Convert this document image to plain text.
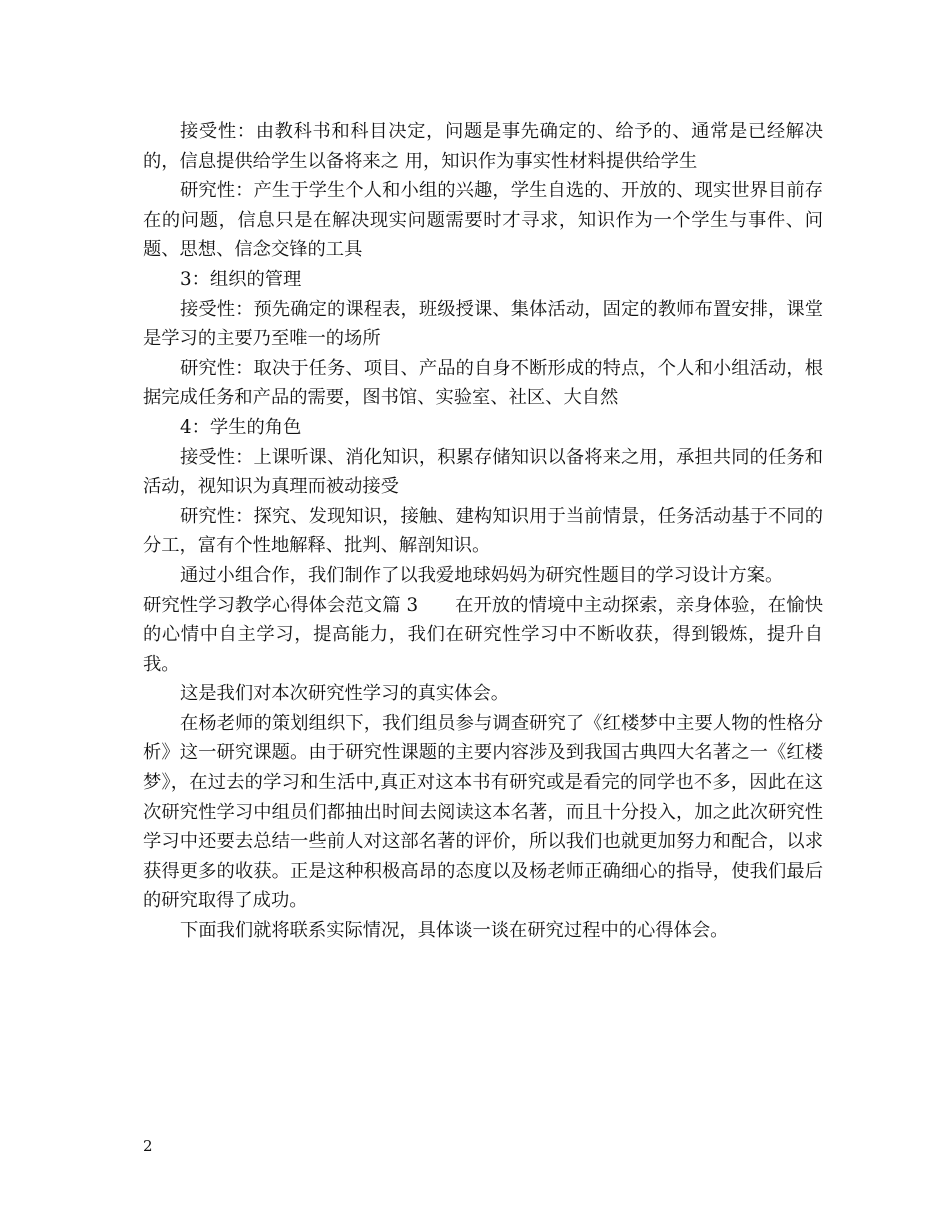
接受性：由教科书和科目决定，问题是事先确定的、给予的、通常是已经解决的，信息提供给学生以备将来之 用，知识作为事实性材料提供给学生

研究性：产生于学生个人和小组的兴趣，学生自选的、开放的、现实世界目前存在的问题，信息只是在解决现实问题需要时才寻求，知识作为一个学生与事件、问题、思想、信念交锋的工具

3：组织的管理

接受性：预先确定的课程表，班级授课、集体活动，固定的教师布置安排，课堂是学习的主要乃至唯一的场所

研究性：取决于任务、项目、产品的自身不断形成的特点，个人和小组活动，根据完成任务和产品的需要，图书馆、实验室、社区、大自然

4：学生的角色

接受性：上课听课、消化知识，积累存储知识以备将来之用，承担共同的任务和活动，视知识为真理而被动接受

研究性：探究、发现知识，接触、建构知识用于当前情景，任务活动基于不同的分工，富有个性地解释、批判、解剖知识。

通过小组合作，我们制作了以我爱地球妈妈为研究性题目的学习设计方案。

研究性学习教学心得体会范文篇 3　　在开放的情境中主动探索，亲身体验，在愉快的心情中自主学习，提高能力，我们在研究性学习中不断收获，得到锻炼，提升自我。

这是我们对本次研究性学习的真实体会。

在杨老师的策划组织下，我们组员参与调查研究了《红楼梦中主要人物的性格分析》这一研究课题。由于研究性课题的主要内容涉及到我国古典四大名著之一《红楼梦》，在过去的学习和生活中,真正对这本书有研究或是看完的同学也不多，因此在这次研究性学习中组员们都抽出时间去阅读这本名著，而且十分投入，加之此次研究性学习中还要去总结一些前人对这部名著的评价，所以我们也就更加努力和配合，以求获得更多的收获。正是这种积极高昂的态度以及杨老师正确细心的指导，使我们最后的研究取得了成功。

下面我们就将联系实际情况，具体谈一谈在研究过程中的心得体会。

2
